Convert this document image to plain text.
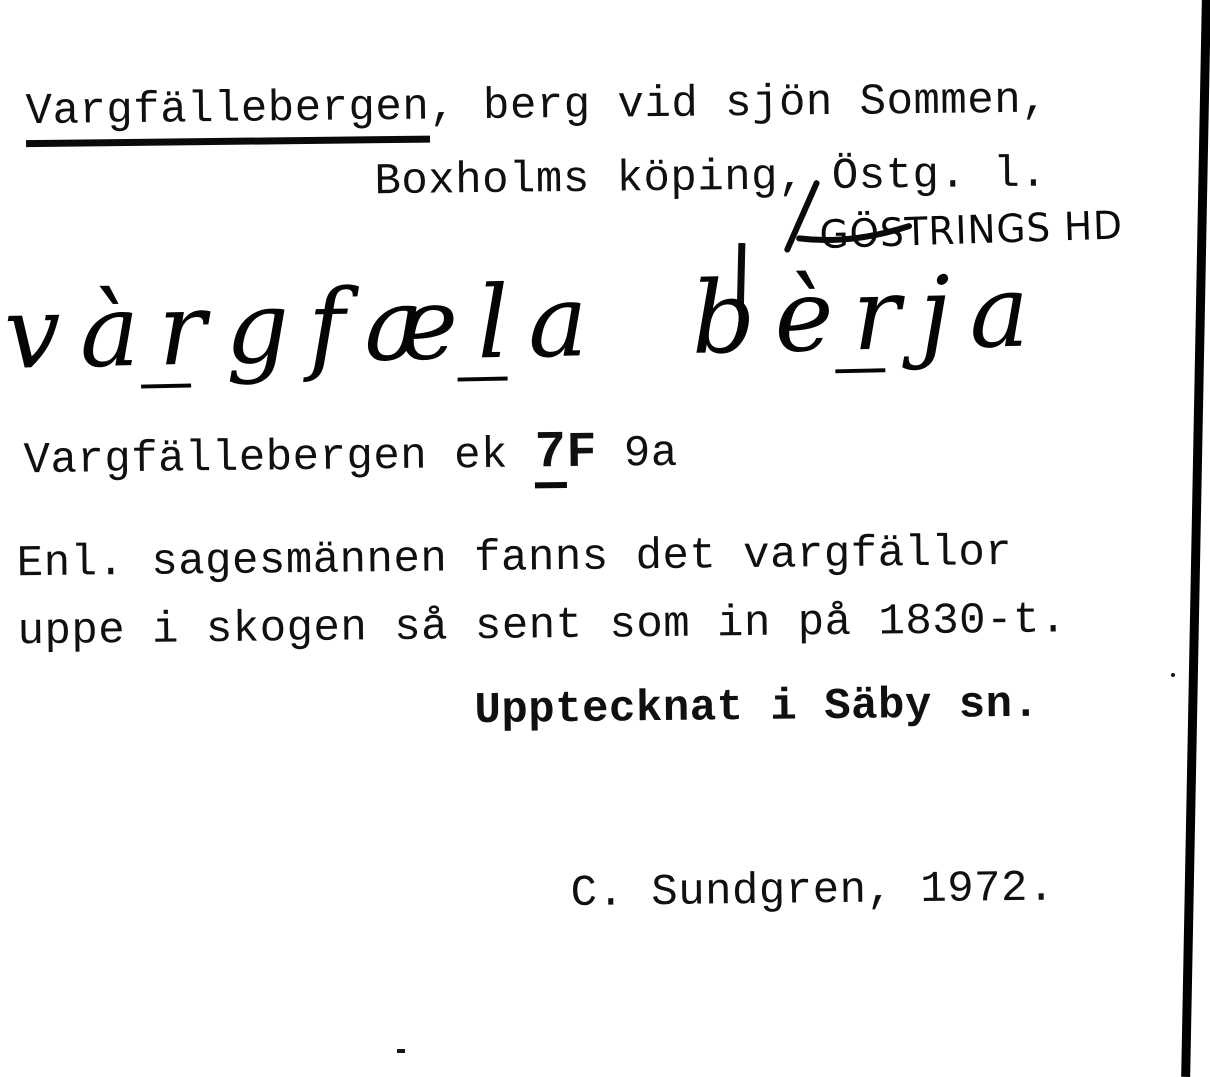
Vargfällebergen, berg vid sjön Sommen,
Boxholms köping, Östg. l.
GÖSTRINGS HD
vàr̲gfæl̲a bèr̲ja
Vargfällebergen ek 7F 9a
Enl. sagesmännen fanns det vargfällor
uppe i skogen så sent som in på 1830-t.
Upptecknat i Säby sn.
C. Sundgren, 1972.
